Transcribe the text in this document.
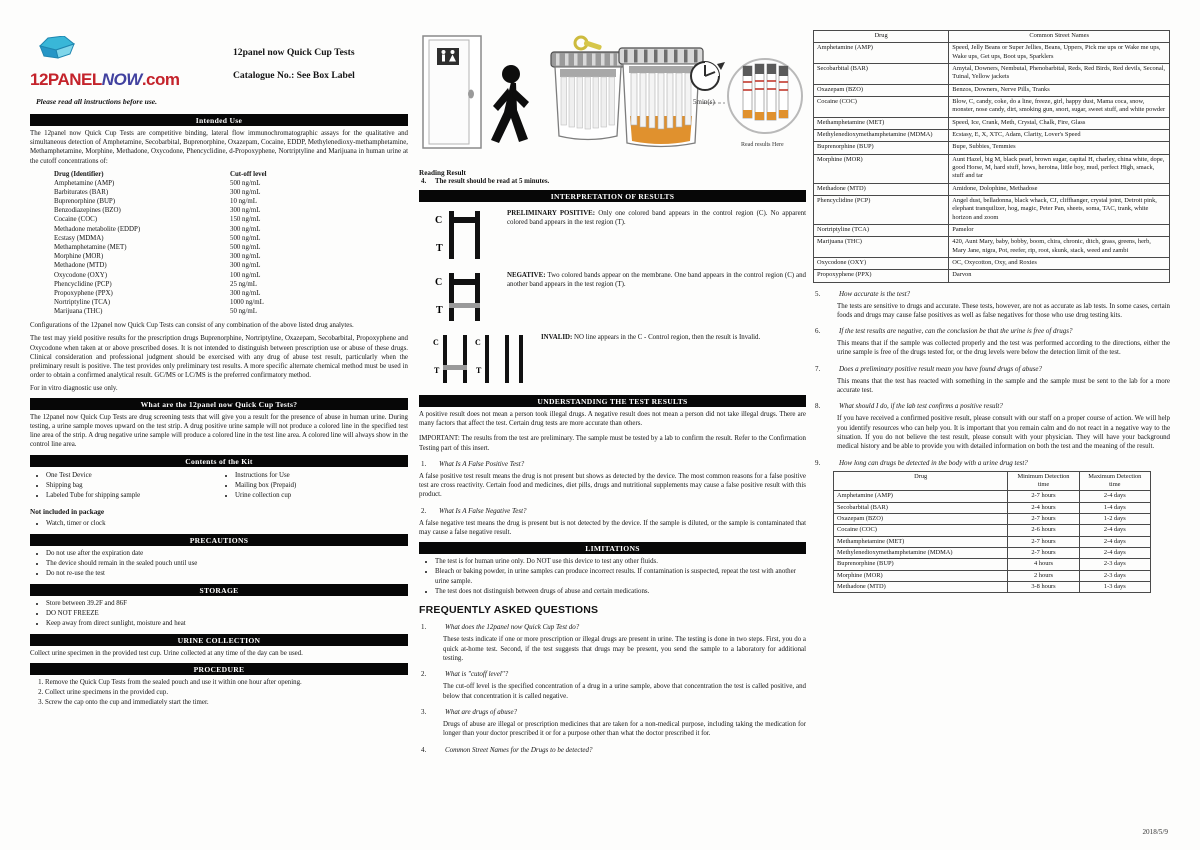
12PANELNOW.com
12panel now Quick Cup Tests
Catalogue No.: See Box Label
Please read all instructions before use.
Intended Use

The 12panel now Quick Cup Tests are competitive binding, lateral flow immunochromatographic assays for the qualitative and simultaneous detection of Amphetamine, Secobarbital, Buprenorphine, Oxazepam, Cocaine, EDDP, Methylenedioxy-methamphetamine, Methamphetamine, Morphine, Methadone, Oxycodone, Phencyclidine, d-Propoxyphene, Nortriptyline and Marijuana in human urine at the cutoff concentrations of:

Drug (Identifier)	Cut-off level
Amphetamine (AMP)	500 ng/mL
Barbiturates (BAR)	300 ng/mL
Buprenorphine (BUP)	10 ng/mL
Benzodiazepines (BZO)	300 ng/mL
Cocaine (COC)	150 ng/mL
Methadone metabolite (EDDP)	300 ng/mL
Ecstasy (MDMA)	500 ng/mL
Methamphetamine (MET)	500 ng/mL
Morphine (MOR)	300 ng/mL
Methadone (MTD)	300 ng/mL
Oxycodone (OXY)	100 ng/mL
Phencyclidine (PCP)	25 ng/mL
Propoxyphene (PPX)	300 ng/mL
Nortriptyline (TCA)	1000 ng/mL
Marijuana (THC)	50 ng/mL

Configurations of the 12panel now Quick Cup Tests can consist of any combination of the above listed drug analytes.

The test may yield positive results for the prescription drugs Buprenorphine, Nortriptyline, Oxazepam, Secobarbital, Propoxyphene and Oxycodone when taken at or above prescribed doses. It is not intended to distinguish between prescription use or abuse of these drugs. Clinical consideration and professional judgment should be exercised with any drug of abuse test result, particularly when the preliminary result is positive. The test provides only preliminary test results. A more specific alternate chemical method must be used in order to obtain a confirmed analytical result. GC/MS or LC/MS is the preferred confirmatory method.

For in vitro diagnostic use only.

What are the 12panel now Quick Cup Tests?

The 12panel now Quick Cup Tests are drug screening tests that will give you a result for the presence of abuse in human urine. During testing, a urine sample moves upward on the test strip. A drug positive urine sample will not produce a colored line in the specified test line area of the strip. A drug negative urine sample will produce a colored line in the test line area. A colored line will always show in the control line area.

Contents of the Kit
• One Test Device
• Shipping bag
• Labeled Tube for shipping sample
• Instructions for Use
• Mailing box (Prepaid)
• Urine collection cup
Not included in package
• Watch, timer or clock
PRECAUTIONS
• Do not use after the expiration date
• The device should remain in the sealed pouch until use
• Do not re-use the test
STORAGE
• Store between 39.2F and 86F
• DO NOT FREEZE
• Keep away from direct sunlight, moisture and heat
URINE COLLECTION

Collect urine specimen in the provided test cup. Urine collected at any time of the day can be used.

PROCEDURE
1. Remove the Quick Cup Tests from the sealed pouch and use it within one hour after opening.
2. Collect urine specimens in the provided cup.
3. Screw the cap onto the cup and immediately start the timer.
5min(s)
Read results Here
Reading Result
4.	The result should be read at 5 minutes.
INTERPRETATION OF RESULTS
C
T
PRELIMINARY POSITIVE: Only one colored band appears in the control region (C). No apparent colored band appears in the test region (T).
C
T
NEGATIVE: Two colored bands appear on the membrane. One band appears in the control region (C) and another band appears in the test region (T).
C
T
C
T
INVALID: NO line appears in the C - Control region, then the result is Invalid.
UNDERSTANDING THE TEST RESULTS

A positive result does not mean a person took illegal drugs. A negative result does not mean a person did not take illegal drugs. There are many factors that affect the test. Certain drug tests are more accurate than others.

IMPORTANT: The results from the test are preliminary. The sample must be tested by a lab to confirm the result. Refer to the Confirmation Testing part of this insert.

1.	What Is A False Positive Test?

A false positive test result means the drug is not present but shows as detected by the device. The most common reasons for a false positive test are cross reactivity. Certain food and medicines, diet pills, drugs and nutritional supplements may cause a false positive result with this product.

2.	What Is A False Negative Test?

A false negative test means the drug is present but is not detected by the device. If the sample is diluted, or the sample is contaminated that may cause a false negative result.

LIMITATIONS
• The test is for human urine only. Do NOT use this device to test any other fluids.
• Bleach or baking powder, in urine samples can produce incorrect results. If contamination is suspected, repeat the test with another urine sample.
• The test does not distinguish between drugs of abuse and certain medications.
FREQUENTLY ASKED QUESTIONS
1.	What does the 12panel now Quick Cup Test do?

These tests indicate if one or more prescription or illegal drugs are present in urine. The testing is done in two steps. First, you do a quick at-home test. Second, if the test suggests that drugs may be present, you send the sample to a laboratory for additional testing.

2.	What is "cutoff level"?

The cut-off level is the specified concentration of a drug in a urine sample, above that concentration the test is called positive, and below that concentration it is called negative.

3.	What are drugs of abuse?

Drugs of abuse are illegal or prescription medicines that are taken for a non-medical purpose, including taking the medication for longer than your doctor prescribed it or for a purpose other than what the doctor prescribed it for.

4.	Common Street Names for the Drugs to be detected?
Drug	Common Street Names
Amphetamine (AMP)	Speed, Jelly Beans or Super Jellies, Beans, Uppers, Pick me ups or Wake me ups, Wake ups, Get ups, Boot ups, Sparklers
Secobarbital (BAR)	Amytal, Downers, Nembutal, Phenobarbital, Reds, Red Birds, Red devils, Seconal, Tuinal, Yellow jackets
Oxazepam (BZO)	Benzos, Downers, Nerve Pills, Tranks
Cocaine (COC)	Blow, C, candy, coke, do a line, freeze, girl, happy dust, Mama coca, snow, monster, nose candy, dirt, smoking gun, snort, sugar, sweet stuff, and white powder
Methamphetamine (MET)	Speed, Ice, Crank, Meth, Crystal, Chalk, Fire, Glass
Methylenedioxymethamphetamine (MDMA)	Ecstasy, E, X, XTC, Adam, Clarity, Lover's Speed
Buprenorphine (BUP)	Bupe, Subbies, Temmies
Morphine (MOR)	Aunt Hazel, big M, black pearl, brown sugar, capital H, charley, china white, dope, good Horse, M, hard stuff, hows, heroina, little boy, mud, perfect High, smack, stuff and tar
Methadone (MTD)	Amidone, Dolophine, Methadose
Phencyclidine (PCP)	Angel dust, belladonna, black whack, CJ, cliffhanger, crystal joint, Detroit pink, elephant tranquilizer, hog, magic, Peter Pan, sheets, soma, TAC, trank, white horizon and zoom
Nortriptyline (TCA)	Pamelor
Marijuana (THC)	420, Aunt Mary, baby, bobby, boom, chira, chronic, ditch, grass, greens, herb, Mary Jane, nigra, Pot, reefer, rip, root, skunk, stack, weed and zambi
Oxycodone (OXY)	OC, Oxycotton, Oxy, and Roxies
Propoxyphene (PPX)	Darvon
5.	How accurate is the test?

The tests are sensitive to drugs and accurate. These tests, however, are not as accurate as lab tests. In some cases, certain foods and drugs may cause false positives as well as false negatives for those who use drug testing kits.

6.	If the test results are negative, can the conclusion be that the urine is free of drugs?

This means that if the sample was collected properly and the test was performed according to the directions, either the urine sample is free of the drugs tested for, or the drug levels were below the detection limit of the test.

7.	Does a preliminary positive result mean you have found drugs of abuse?

This means that the test has reacted with something in the sample and the sample must be sent to the lab for a more accurate test.

8.	What should I do, if the lab test confirms a positive result?

If you have received a confirmed positive result, please consult with our staff on a proper course of action. We will help you identify resources who can help you. It is important that you remain calm and do not react in a negative way to the situation. If you do not believe the test result, please consult with your physician. They will have your background medical history and be able to provide you with detailed information on both the test and the meaning of the result.

9.	How long can drugs be detected in the body with a urine drug test?
Drug	Minimum Detection time	Maximum Detection time
Amphetamine (AMP)	2-7 hours	2-4 days
Secobarbital (BAR)	2-4 hours	1-4 days
Oxazepam (BZO)	2-7 hours	1-2 days
Cocaine (COC)	2-6 hours	2-4 days
Methamphetamine (MET)	2-7 hours	2-4 days
Methylenedioxymethamphetamine (MDMA)	2-7 hours	2-4 days
Buprenorphine (BUP)	4 hours	2-3 days
Morphine (MOR)	2 hours	2-3 days
Methadone (MTD)	3-8 hours	1-3 days
2018/5/9
